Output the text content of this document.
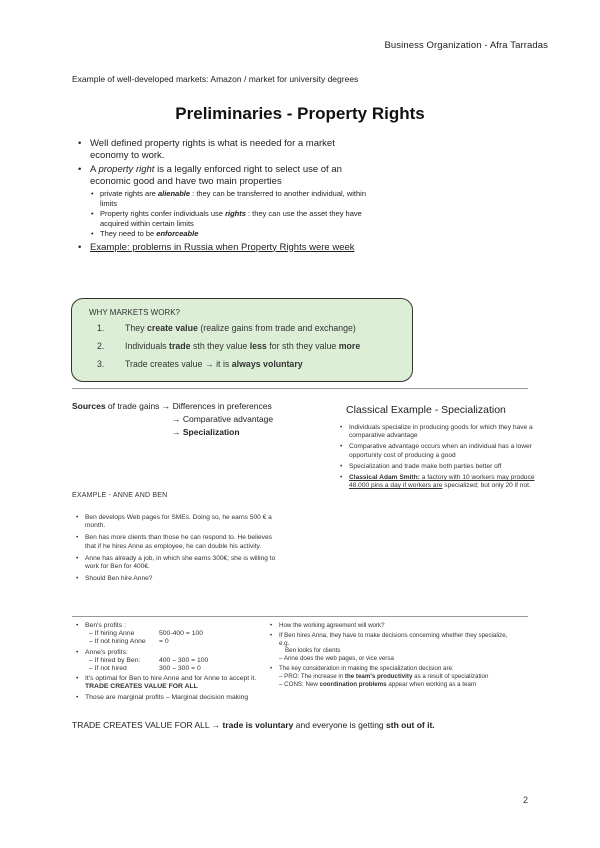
Business Organization - Afra Tarradas
Example of well-developed markets: Amazon / market for university degrees
Preliminaries - Property Rights
• Well defined property rights is what is needed for a market economy to work.
• A property right is a legally enforced right to select use of an economic good and have two main properties
• private rights are alienable : they can be transferred to another individual, within limits
• Property rights confer individuals use rights : they can use the asset they have acquired within certain limits
• They need to be enforceable
• Example: problems in Russia when Property Rights were week
WHY MARKETS WORK?
1.	They create value (realize gains from trade and exchange)
2.	Individuals trade sth they value less for sth they value more
3.	Trade creates value → it is always voluntary
Sources of trade gains → Differences in preferences
→ Comparative advantage
→ Specialization
Classical Example - Specialization
• Individuals specialize in producing goods for which they have a comparative advantage
• Comparative advantage occurs when an individual has a lower opportunity cost of producing a good
• Specialization and trade make both parties better off
• Classical Adam Smith: a factory with 10 workers may produce 48.000 pins a day if workers are specialized; but only 20 if not.
EXAMPLE - ANNE AND BEN
• Ben develops Web pages for SMEs. Doing so, he earns 500 € a month.
• Ben has more clients than those he can respond to. He believes that if he hires Anne as employee, he can double his activity.
• Anne has already a job, in which she earns 300€; she is willing to work for Ben for 400€.
• Should Ben hire Anne?
• Ben's profits :
– If hiring Anne	500-400 = 100
– If not hiring Anne	= 0
• Anne's profits:
– If hired by Ben:	400 – 300 = 100
– If not hired	300 – 300 = 0
• It's optimal for Ben to hire Anne and for Anne to accept it. TRADE CREATES VALUE FOR ALL
• Those are marginal profits – Marginal decision making
• How the working agreement will work?
• If Ben hires Anna, they have to make decisions concerning whether they specialize, e.g.
Ben looks for clients
– Anne does the web pages, or vice versa
• The key consideration in making the specialization decision are:
– PRO: The increase in the team's productivity as a result of specialization
– CONS: New coordination problems appear when working as a team
TRADE CREATES VALUE FOR ALL → trade is voluntary and everyone is getting sth out of it.
2
